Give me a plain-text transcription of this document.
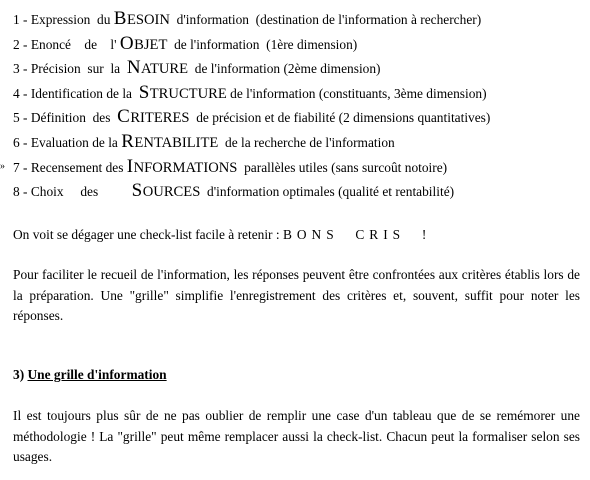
1 - Expression  du BESOIN  d'information  (destination de l'information à rechercher)
2 - Enoncé    de    l' OBJET  de l'information  (1ère dimension)
3 - Précision  sur  la  NATURE  de l'information (2ème dimension)
4 - Identification de la  STRUCTURE de l'information (constituants, 3ème dimension)
5 - Définition  des  CRITERES  de précision et de fiabilité (2 dimensions quantitatives)
6 - Evaluation de la RENTABILITE  de la recherche de l'information
» 7 - Recensement des INFORMATIONS  parallèles utiles (sans surcoût notoire)
8 - Choix     des          SOURCES  d'information optimales (qualité et rentabilité)
On voit se dégager une check-list facile à retenir : BONS  CRIS  !
Pour faciliter le recueil de l'information, les réponses peuvent être confrontées aux critères établis lors de la préparation. Une "grille" simplifie l'enregistrement des critères et, souvent, suffit pour noter les réponses.
3) Une grille d'information
Il est toujours plus sûr de ne pas oublier de remplir une case d'un tableau que de se remémorer une méthodologie ! La "grille" peut même remplacer aussi la check-list. Chacun peut la formaliser selon ses usages.
